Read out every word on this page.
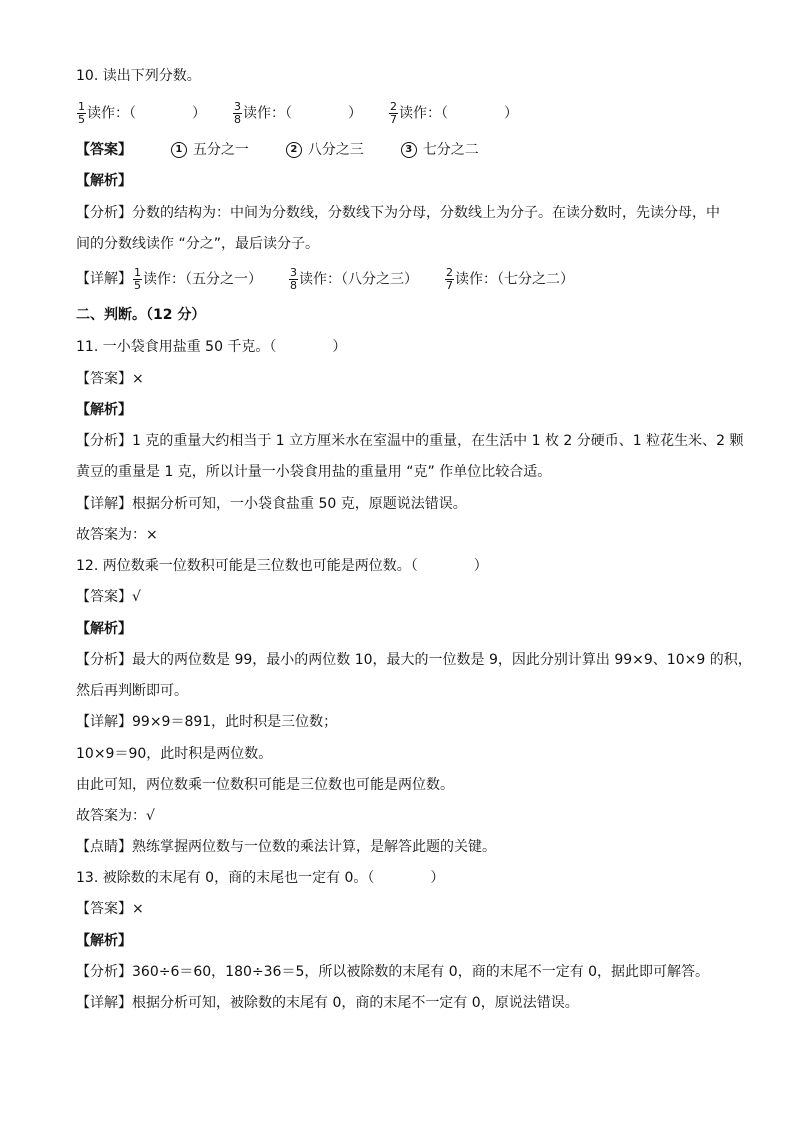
10. 读出下列分数。
$\frac{1}{5}$ 读作：（　　　　） $\frac{3}{8}$ 读作：（　　　　） $\frac{2}{7}$ 读作：（　　　　）
【答案】	1 五分之一	2 八分之三	3 七分之二
【解析】
【分析】分数的结构为：中间为分数线，分数线下为分母，分数线上为分子。在读分数时，先读分母，中
间的分数线读作 “分之”，最后读分子。
【详解】 $\frac{1}{5}$ 读作：（五分之一） $\frac{3}{8}$ 读作：（八分之三） $\frac{2}{7}$ 读作：（七分之二）
二、判断。（12 分）
11. 一小袋食用盐重 50 千克。（　　　　）
【答案】×
【解析】
【分析】1 克的重量大约相当于 1 立方厘米水在室温中的重量，在生活中 1 枚 2 分硬币、1 粒花生米、2 颗
黄豆的重量是 1 克，所以计量一小袋食用盐的重量用 “克” 作单位比较合适。
【详解】根据分析可知，一小袋食盐重 50 克，原题说法错误。
故答案为：×
12. 两位数乘一位数积可能是三位数也可能是两位数。（　　　　）
【答案】√
【解析】
【分析】最大的两位数是 99，最小的两位数 10，最大的一位数是 9，因此分别计算出 99×9、10×9 的积，
然后再判断即可。
【详解】99×9＝891，此时积是三位数；
10×9＝90，此时积是两位数。
由此可知，两位数乘一位数积可能是三位数也可能是两位数。
故答案为：√
【点睛】熟练掌握两位数与一位数的乘法计算，是解答此题的关键。
13. 被除数的末尾有 0，商的末尾也一定有 0。（　　　　）
【答案】×
【解析】
【分析】360÷6＝60，180÷36＝5，所以被除数的末尾有 0，商的末尾不一定有 0，据此即可解答。
【详解】根据分析可知，被除数的末尾有 0，商的末尾不一定有 0，原说法错误。
